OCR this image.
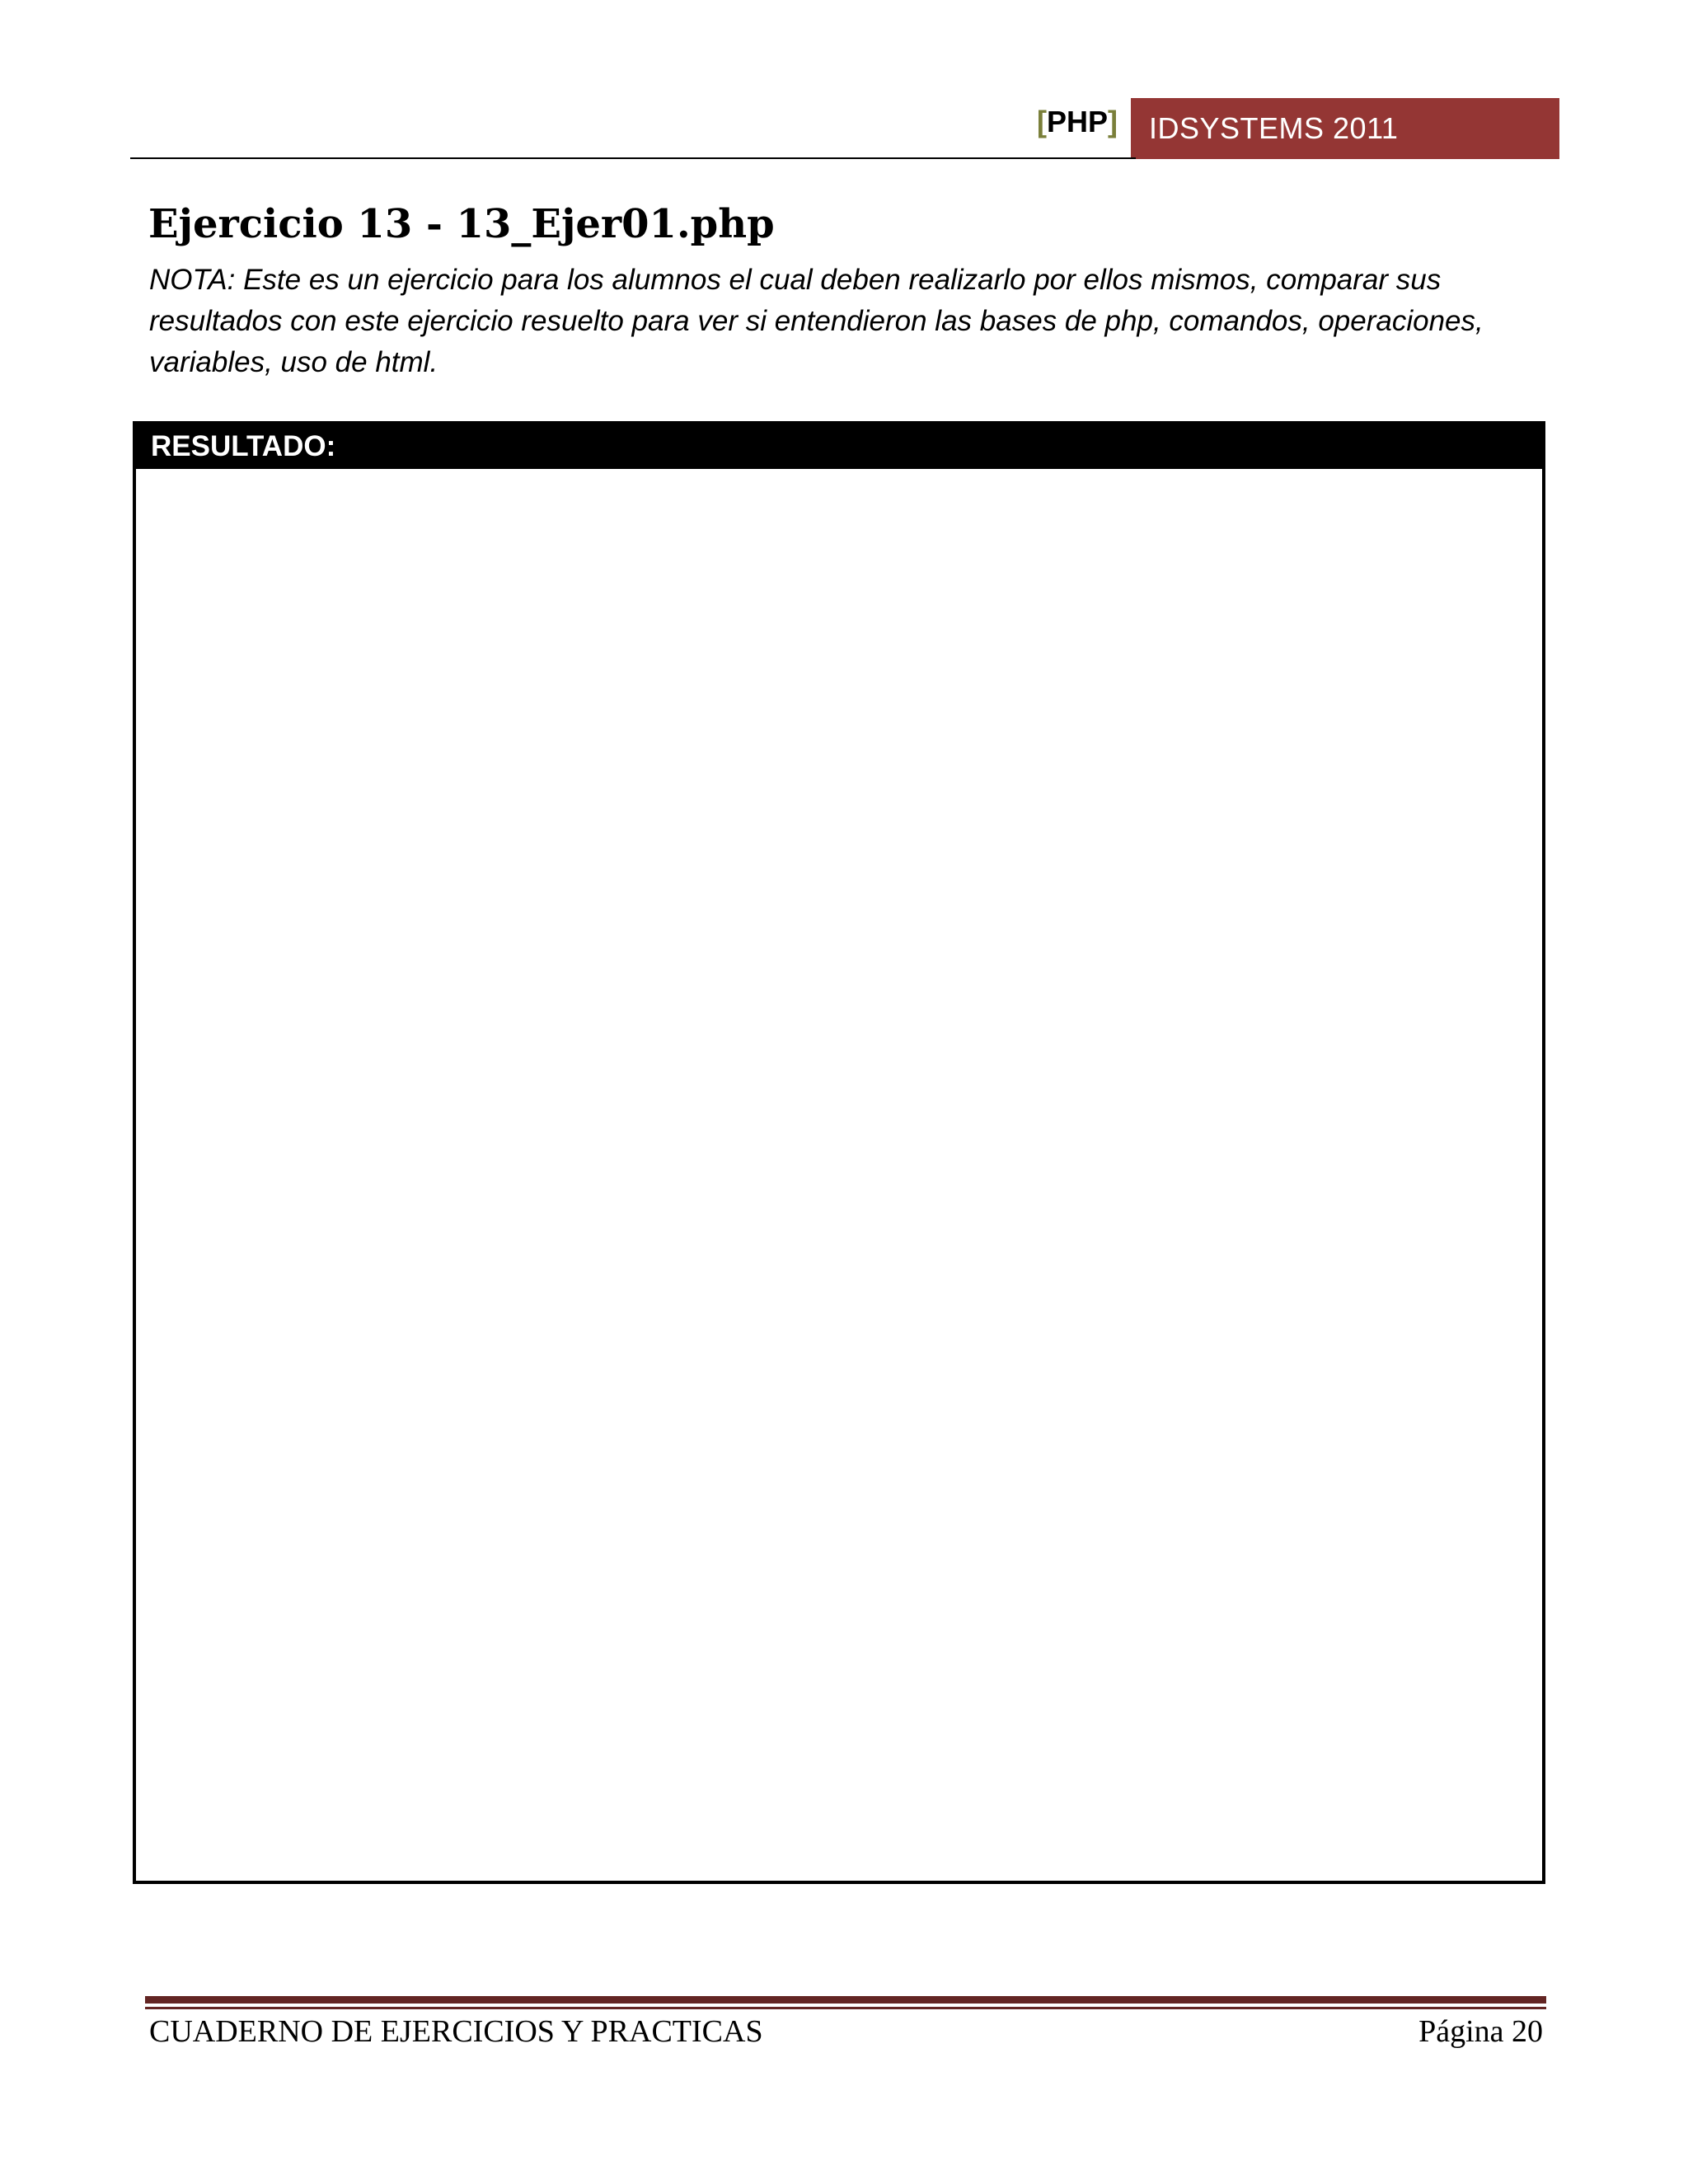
[PHP]	IDSYSTEMS 2011
Ejercicio 13 - 13_Ejer01.php

NOTA: Este es un ejercicio para los alumnos el cual deben realizarlo por ellos mismos, comparar sus resultados con este ejercicio resuelto para ver si entendieron las bases de php, comandos, operaciones, variables, uso de html.

RESULTADO:
CUADERNO DE EJERCICIOS Y PRACTICAS	Página 20
